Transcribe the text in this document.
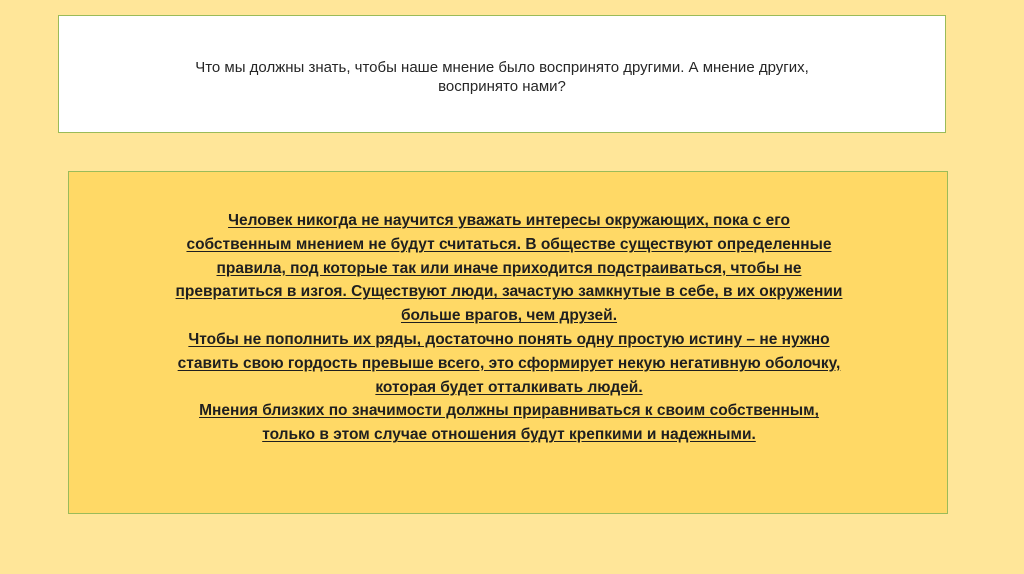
Что мы должны знать, чтобы наше мнение было воспринято другими. А мнение других, воспринято нами?
Человек никогда не научится уважать интересы окружающих, пока с его собственным мнением не будут считаться. В обществе существуют определенные правила, под которые так или иначе приходится подстраиваться, чтобы не превратиться в изгоя. Существуют люди, зачастую замкнутые в себе, в их окружении больше врагов, чем друзей.
Чтобы не пополнить их ряды, достаточно понять одну простую истину – не нужно ставить свою гордость превыше всего, это сформирует некую негативную оболочку, которая будет отталкивать людей.
Мнения близких по значимости должны приравниваться к своим собственным, только в этом случае отношения будут крепкими и надежными.
